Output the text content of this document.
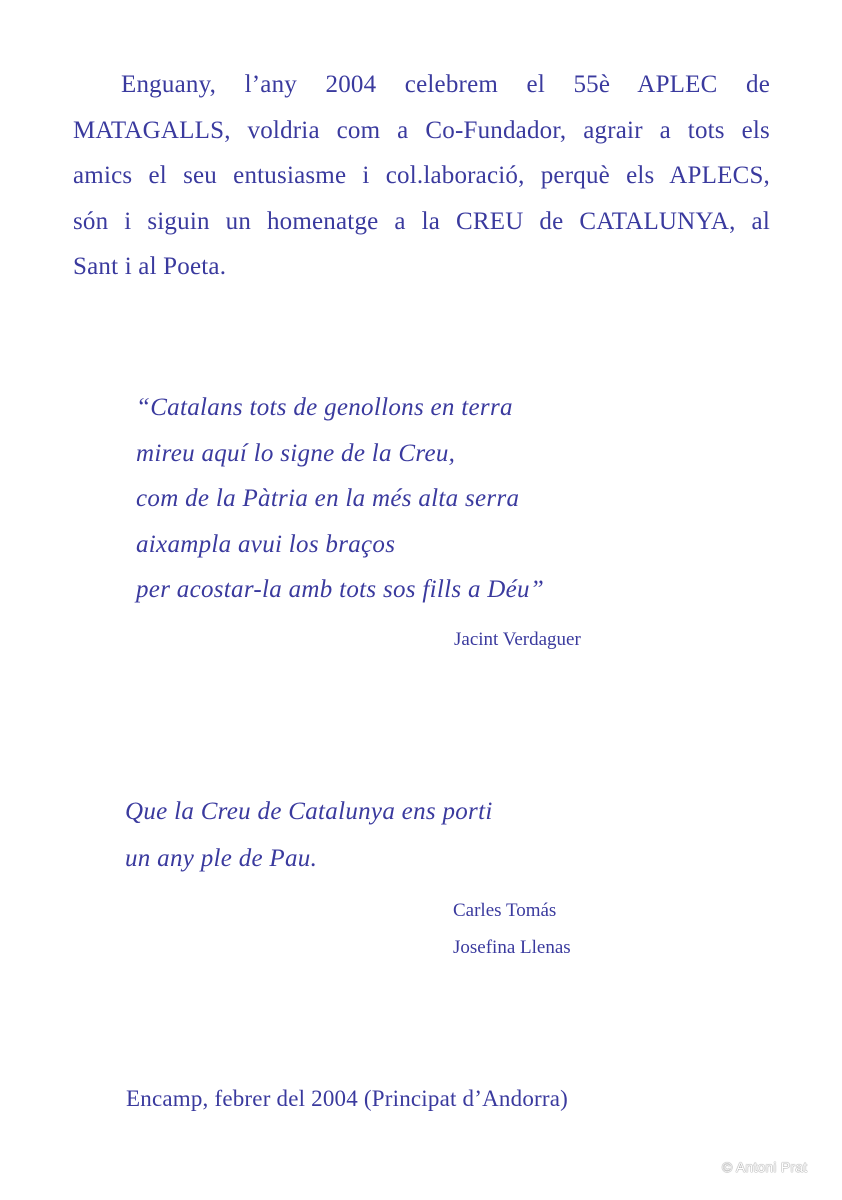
Enguany, l’any 2004 celebrem el 55è APLEC de
MATAGALLS, voldria com a Co-Fundador, agrair a tots els
amics el seu entusiasme i col.laboració, perquè els APLECS,
són i siguin un homenatge a la CREU de CATALUNYA, al
Sant i al Poeta.
“Catalans tots de genollons en terra
mireu aquí lo signe de la Creu,
com de la Pàtria en la més alta serra
aixampla avui los braços
per acostar-la amb tots sos fills a Déu”
Jacint Verdaguer
Que la Creu de Catalunya ens porti
un any ple de Pau.
Carles Tomás
Josefina Llenas
Encamp, febrer del 2004 (Principat d’Andorra)
© Antoni Prat
